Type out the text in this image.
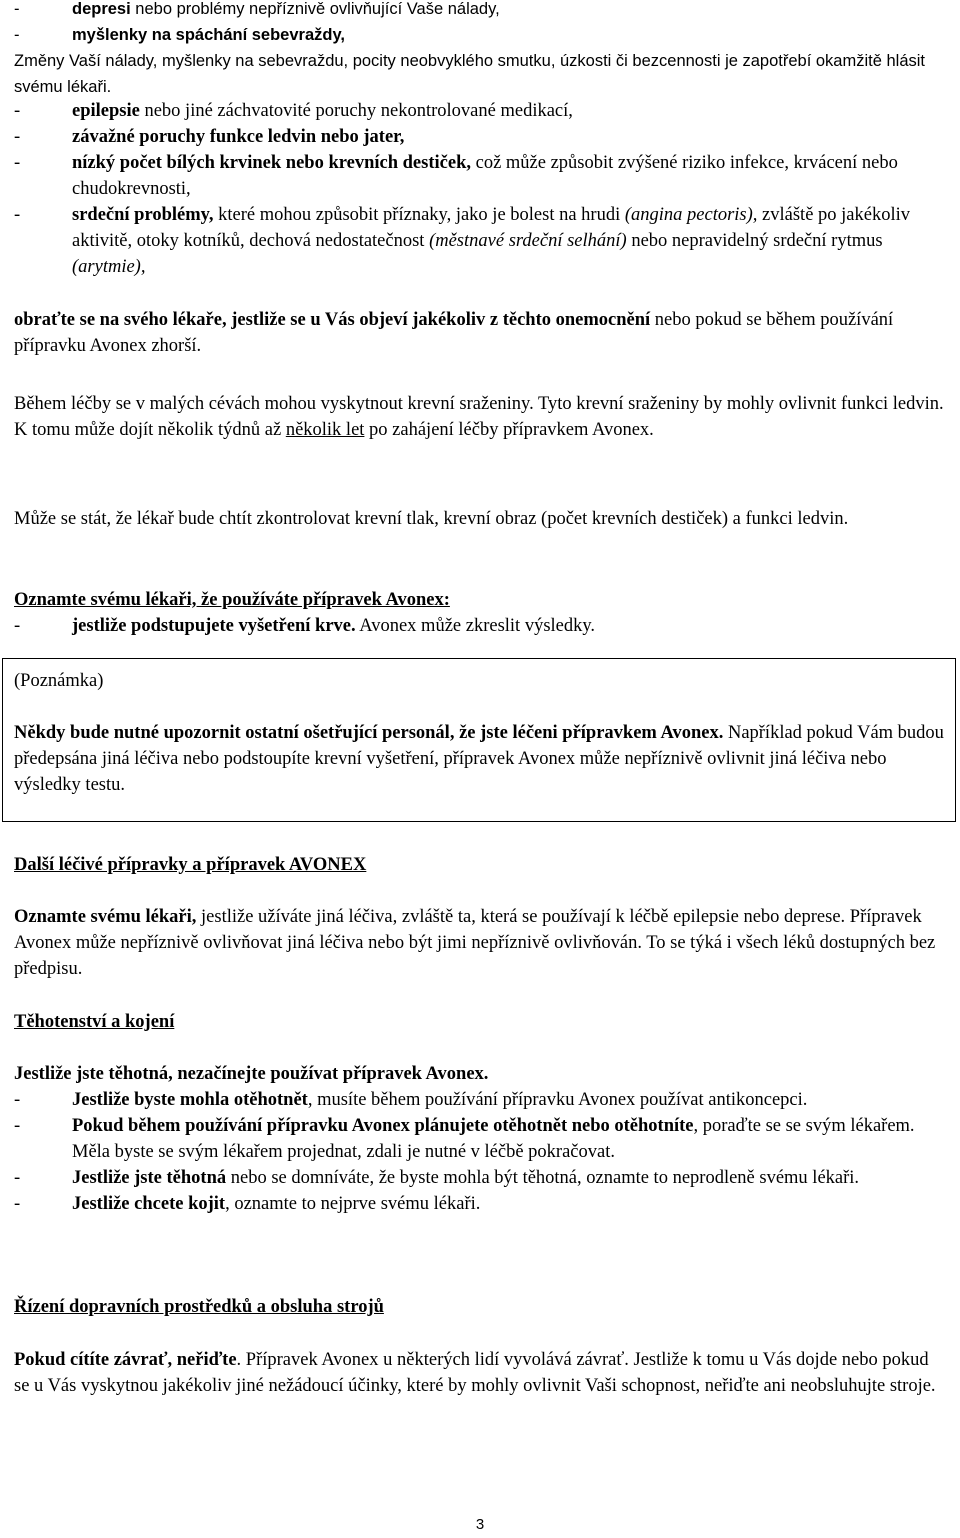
-	depresi nebo problémy nepříznivě ovlivňující Vaše nálady,
-	myšlenky na spáchání sebevraždy,
Změny Vaší nálady, myšlenky na sebevraždu, pocity neobvyklého smutku, úzkosti či bezcennosti je zapotřebí okamžitě hlásit svému lékaři.
-	epilepsie nebo jiné záchvatovité poruchy nekontrolované medikací,
-	závažné poruchy funkce ledvin nebo jater,
-	nízký počet bílých krvinek nebo krevních destiček, což může způsobit zvýšené riziko infekce, krvácení nebo chudokrevnosti,
-	srdeční problémy, které mohou způsobit příznaky, jako je bolest na hrudi (angina pectoris), zvláště po jakékoliv aktivitě, otoky kotníků, dechová nedostatečnost (městnavé srdeční selhání) nebo nepravidelný srdeční rytmus (arytmie),
obraťte se na svého lékaře, jestliže se u Vás objeví jakékoliv z těchto onemocnění nebo pokud se během používání přípravku Avonex zhorší.
Během léčby se v malých cévách mohou vyskytnout krevní sraženiny. Tyto krevní sraženiny by mohly ovlivnit funkci ledvin. K tomu může dojít několik týdnů až několik let po zahájení léčby přípravkem Avonex.
Může se stát, že lékař bude chtít zkontrolovat krevní tlak, krevní obraz (počet krevních destiček) a funkci ledvin.
Oznamte svému lékaři, že používáte přípravek Avonex:
-	jestliže podstupujete vyšetření krve. Avonex může zkreslit výsledky.
(Poznámka)
Někdy bude nutné upozornit ostatní ošetřující personál, že jste léčeni přípravkem Avonex. Například pokud Vám budou předepsána jiná léčiva nebo podstoupíte krevní vyšetření, přípravek Avonex může nepříznivě ovlivnit jiná léčiva nebo výsledky testu.
Další léčivé přípravky a přípravek AVONEX
Oznamte svému lékaři, jestliže užíváte jiná léčiva, zvláště ta, která se používají k léčbě epilepsie nebo deprese. Přípravek Avonex může nepříznivě ovlivňovat jiná léčiva nebo být jimi nepříznivě ovlivňován. To se týká i všech léků dostupných bez předpisu.
Těhotenství a kojení
Jestliže jste těhotná, nezačínejte používat přípravek Avonex.
-	Jestliže byste mohla otěhotnět, musíte během používání přípravku Avonex používat antikoncepci.
-	Pokud během používání přípravku Avonex plánujete otěhotnět nebo otěhotníte, poraďte se se svým lékařem. Měla byste se svým lékařem projednat, zdali je nutné v léčbě pokračovat.
-	Jestliže jste těhotná nebo se domníváte, že byste mohla být těhotná, oznamte to neprodleně svému lékaři.
-	Jestliže chcete kojit, oznamte to nejprve svému lékaři.
Řízení dopravních prostředků a obsluha strojů
Pokud cítíte závrať, neřiďte. Přípravek Avonex u některých lidí vyvolává závrať. Jestliže k tomu u Vás dojde nebo pokud se u Vás vyskytnou jakékoliv jiné nežádoucí účinky, které by mohly ovlivnit Vaši schopnost, neřiďte ani neobsluhujte stroje.
3
